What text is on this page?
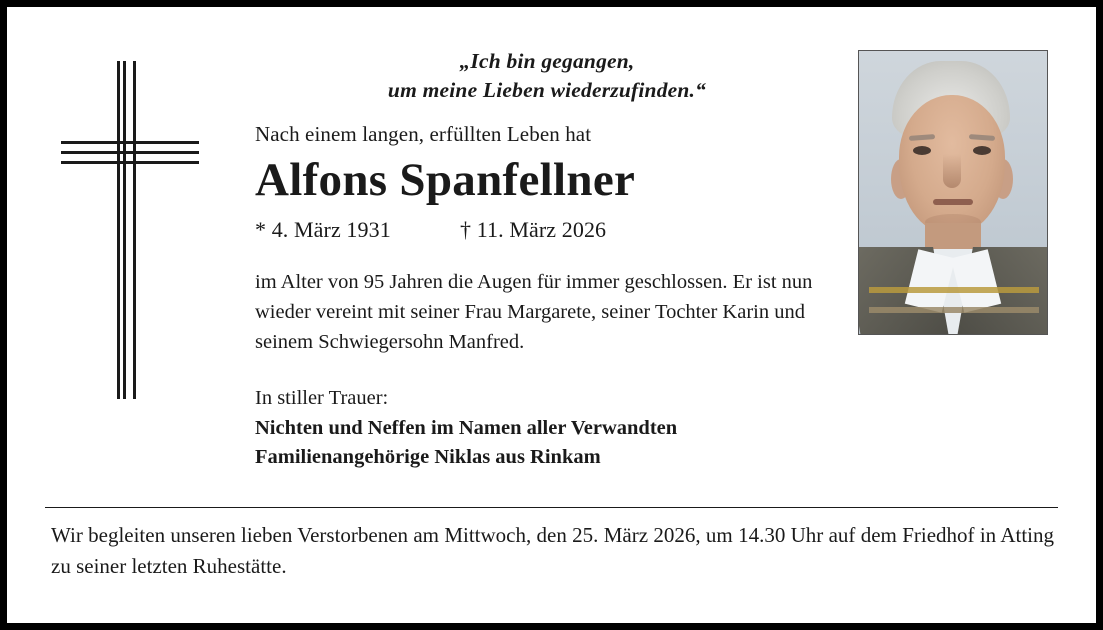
„Ich bin gegangen,
um meine Lieben wiederzufinden.“
Nach einem langen, erfüllten Leben hat
Alfons Spanfellner
* 4. März 1931	† 11. März 2026
im Alter von 95 Jahren die Augen für immer geschlossen. Er ist nun wieder vereint mit seiner Frau Margarete, seiner Tochter Karin und seinem Schwiegersohn Manfred.
In stiller Trauer:
Nichten und Neffen im Namen aller Verwandten
Familienangehörige Niklas aus Rinkam
Wir begleiten unseren lieben Verstorbenen am Mittwoch, den 25. März 2026, um 14.30 Uhr auf dem Friedhof in Atting zu seiner letzten Ruhestätte.
